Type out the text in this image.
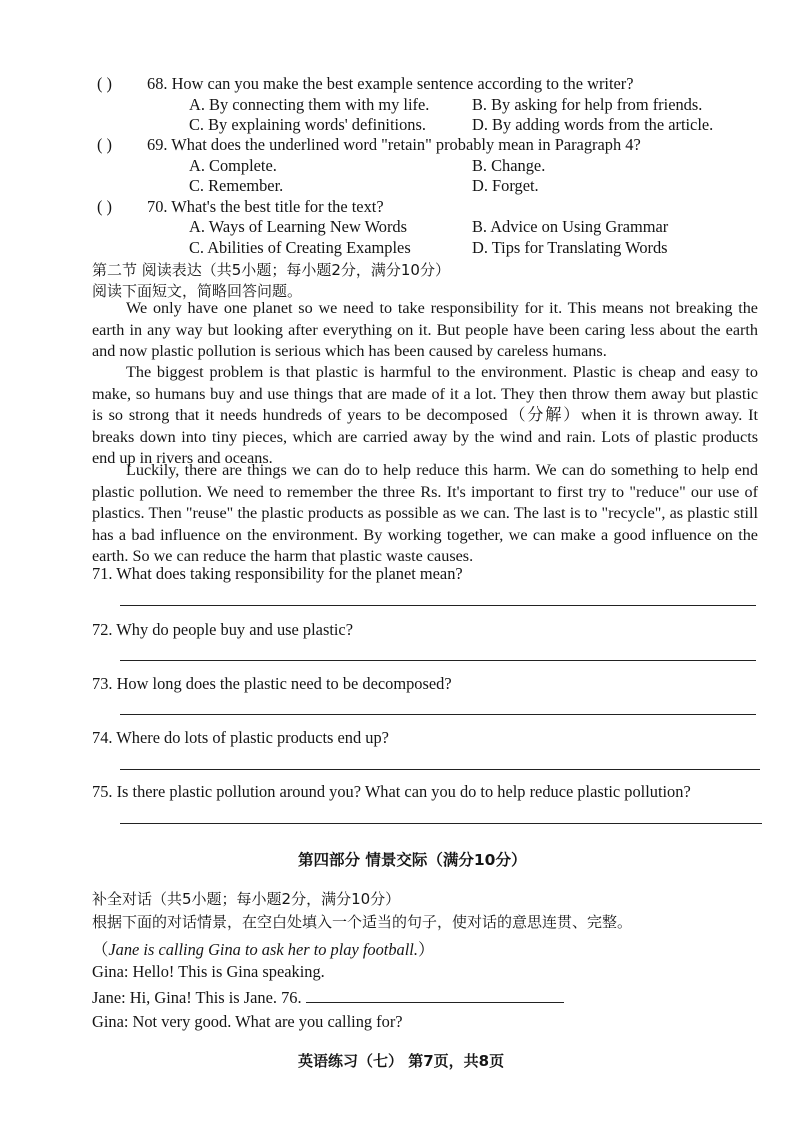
( ) 68. How can you make the best example sentence according to the writer?
A. By connecting them with my life.	B. By asking for help from friends.
C. By explaining words' definitions.	D. By adding words from the article.
( ) 69. What does the underlined word "retain" probably mean in Paragraph 4?
A. Complete.	B. Change.
C. Remember.	D. Forget.
( ) 70. What's the best title for the text?
A. Ways of Learning New Words	B. Advice on Using Grammar
C. Abilities of Creating Examples	D. Tips for Translating Words
第二节 阅读表达（共5小题；每小题2分，满分10分）
阅读下面短文，简略回答问题。
We only have one planet so we need to take responsibility for it. This means not breaking the earth in any way but looking after everything on it. But people have been caring less about the earth and now plastic pollution is serious which has been caused by careless humans.
The biggest problem is that plastic is harmful to the environment. Plastic is cheap and easy to make, so humans buy and use things that are made of it a lot. They then throw them away but plastic is so strong that it needs hundreds of years to be decomposed（分解）when it is thrown away. It breaks down into tiny pieces, which are carried away by the wind and rain. Lots of plastic products end up in rivers and oceans.
Luckily, there are things we can do to help reduce this harm. We can do something to help end plastic pollution. We need to remember the three Rs. It's important to first try to "reduce" our use of plastics. Then "reuse" the plastic products as possible as we can. The last is to "recycle", as plastic still has a bad influence on the environment. By working together, we can make a good influence on the earth. So we can reduce the harm that plastic waste causes.
71. What does taking responsibility for the planet mean?
72. Why do people buy and use plastic?
73. How long does the plastic need to be decomposed?
74. Where do lots of plastic products end up?
75. Is there plastic pollution around you? What can you do to help reduce plastic pollution?
第四部分 情景交际（满分10分）
补全对话（共5小题；每小题2分，满分10分）
根据下面的对话情景，在空白处填入一个适当的句子，使对话的意思连贯、完整。
（Jane is calling Gina to ask her to play football.）
Gina: Hello! This is Gina speaking.
Jane: Hi, Gina! This is Jane. 76.
Gina: Not very good. What are you calling for?
英语练习（七） 第7页，共8页
